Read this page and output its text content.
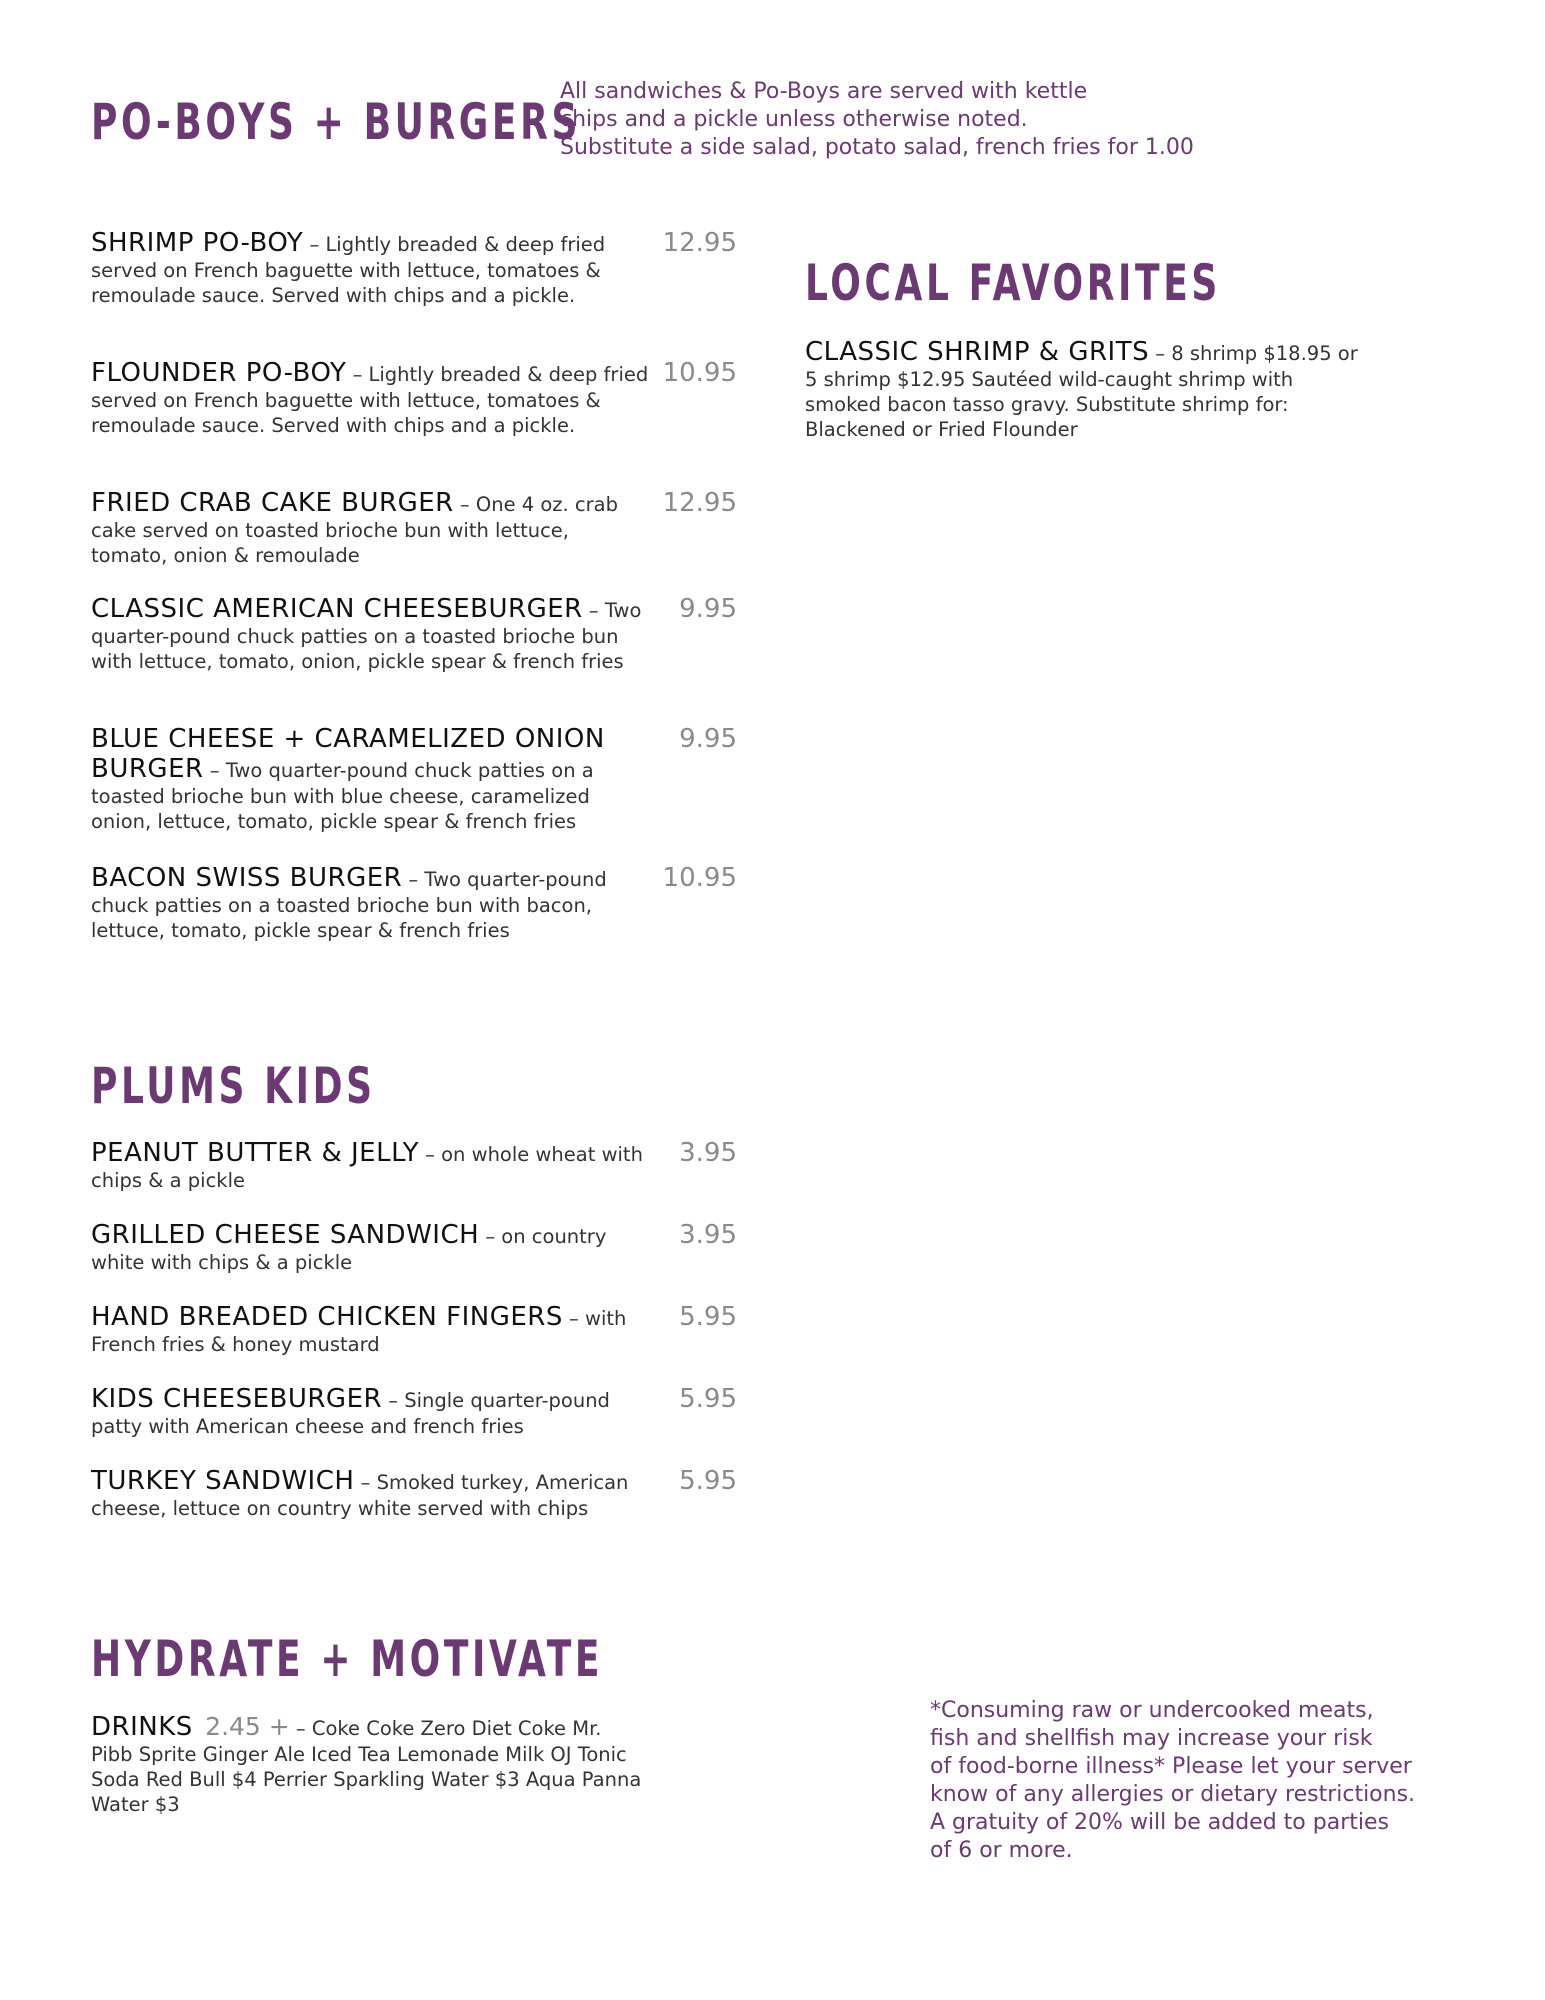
PO-BOYS + BURGERS
All sandwiches & Po-Boys are served with kettle
chips and a pickle unless otherwise noted.
Substitute a side salad, potato salad, french fries for 1.00
SHRIMP PO-BOY – Lightly breaded & deep fried served on French baguette with lettuce, tomatoes & remoulade sauce. Served with chips and a pickle.
12.95
FLOUNDER PO-BOY – Lightly breaded & deep fried served on French baguette with lettuce, tomatoes & remoulade sauce. Served with chips and a pickle.
10.95
FRIED CRAB CAKE BURGER – One 4 oz. crab cake served on toasted brioche bun with lettuce, tomato, onion & remoulade
12.95
CLASSIC AMERICAN CHEESEBURGER – Two quarter-pound chuck patties on a toasted brioche bun with lettuce, tomato, onion, pickle spear & french fries
9.95
BLUE CHEESE + CARAMELIZED ONION BURGER – Two quarter-pound chuck patties on a toasted brioche bun with blue cheese, caramelized onion, lettuce, tomato, pickle spear & french fries
9.95
BACON SWISS BURGER – Two quarter-pound chuck patties on a toasted brioche bun with bacon, lettuce, tomato, pickle spear & french fries
10.95
LOCAL FAVORITES
CLASSIC SHRIMP & GRITS – 8 shrimp $18.95 or 5 shrimp $12.95 Sautéed wild-caught shrimp with smoked bacon tasso gravy. Substitute shrimp for: Blackened or Fried Flounder
PLUMS KIDS
PEANUT BUTTER & JELLY – on whole wheat with chips & a pickle
3.95
GRILLED CHEESE SANDWICH – on country white with chips & a pickle
3.95
HAND BREADED CHICKEN FINGERS – with French fries & honey mustard
5.95
KIDS CHEESEBURGER – Single quarter-pound patty with American cheese and french fries
5.95
TURKEY SANDWICH – Smoked turkey, American cheese, lettuce on country white served with chips
5.95
HYDRATE + MOTIVATE
DRINKS 2.45 + – Coke Coke Zero Diet Coke Mr. Pibb Sprite Ginger Ale Iced Tea Lemonade Milk OJ Tonic Soda Red Bull $4 Perrier Sparkling Water $3 Aqua Panna Water $3
*Consuming raw or undercooked meats,
fish and shellfish may increase your risk
of food-borne illness* Please let your server
know of any allergies or dietary restrictions.
A gratuity of 20% will be added to parties
of 6 or more.
